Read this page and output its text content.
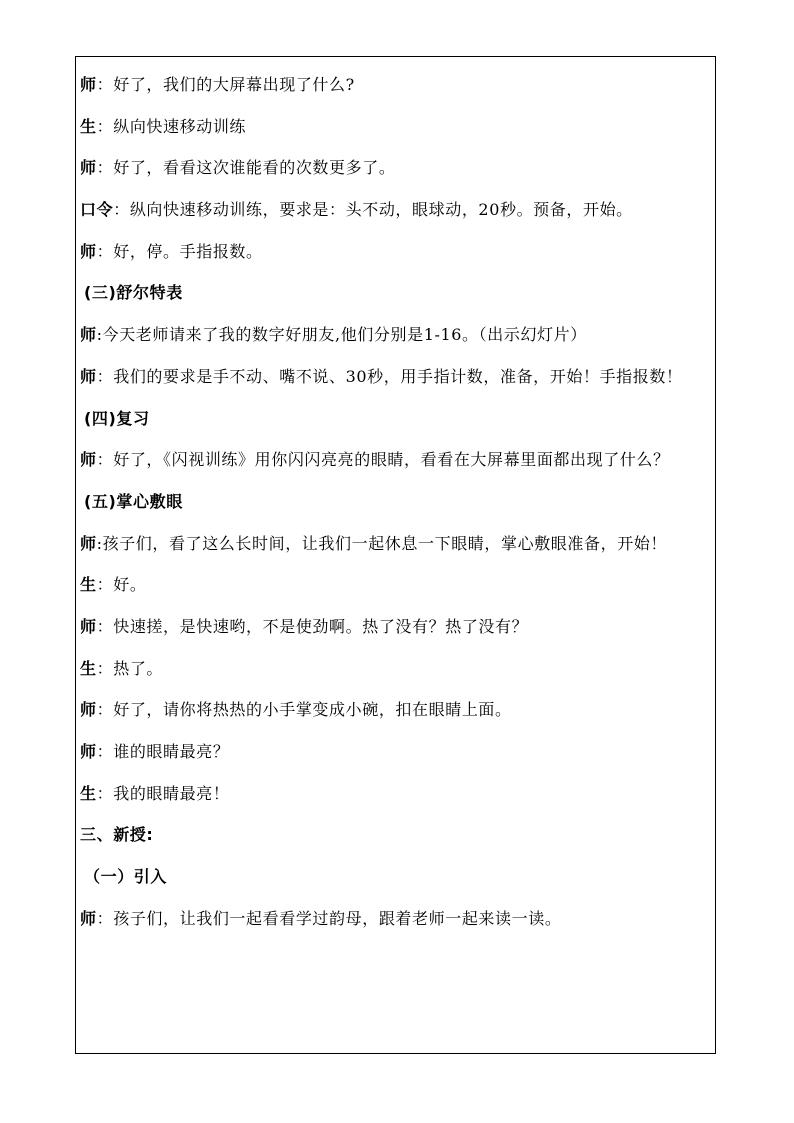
师：好了，我们的大屏幕出现了什么?
生：纵向快速移动训练
师：好了，看看这次谁能看的次数更多了。
口令：纵向快速移动训练，要求是：头不动，眼球动，20秒。预备，开始。
师：好，停。手指报数。
(三)舒尔特表
师:今天老师请来了我的数字好朋友,他们分别是1-16。（出示幻灯片）
师：我们的要求是手不动、嘴不说、30秒，用手指计数，准备，开始！手指报数！
(四)复习
师：好了，《闪视训练》用你闪闪亮亮的眼睛，看看在大屏幕里面都出现了什么？
(五)掌心敷眼
师:孩子们，看了这么长时间，让我们一起休息一下眼睛，掌心敷眼准备，开始！
生：好。
师：快速搓，是快速哟，不是使劲啊。热了没有？热了没有？
生：热了。
师：好了，请你将热热的小手掌变成小碗，扣在眼睛上面。
师：谁的眼睛最亮？
生：我的眼睛最亮！
三、新授:
（一）引入
师：孩子们，让我们一起看看学过韵母，跟着老师一起来读一读。
